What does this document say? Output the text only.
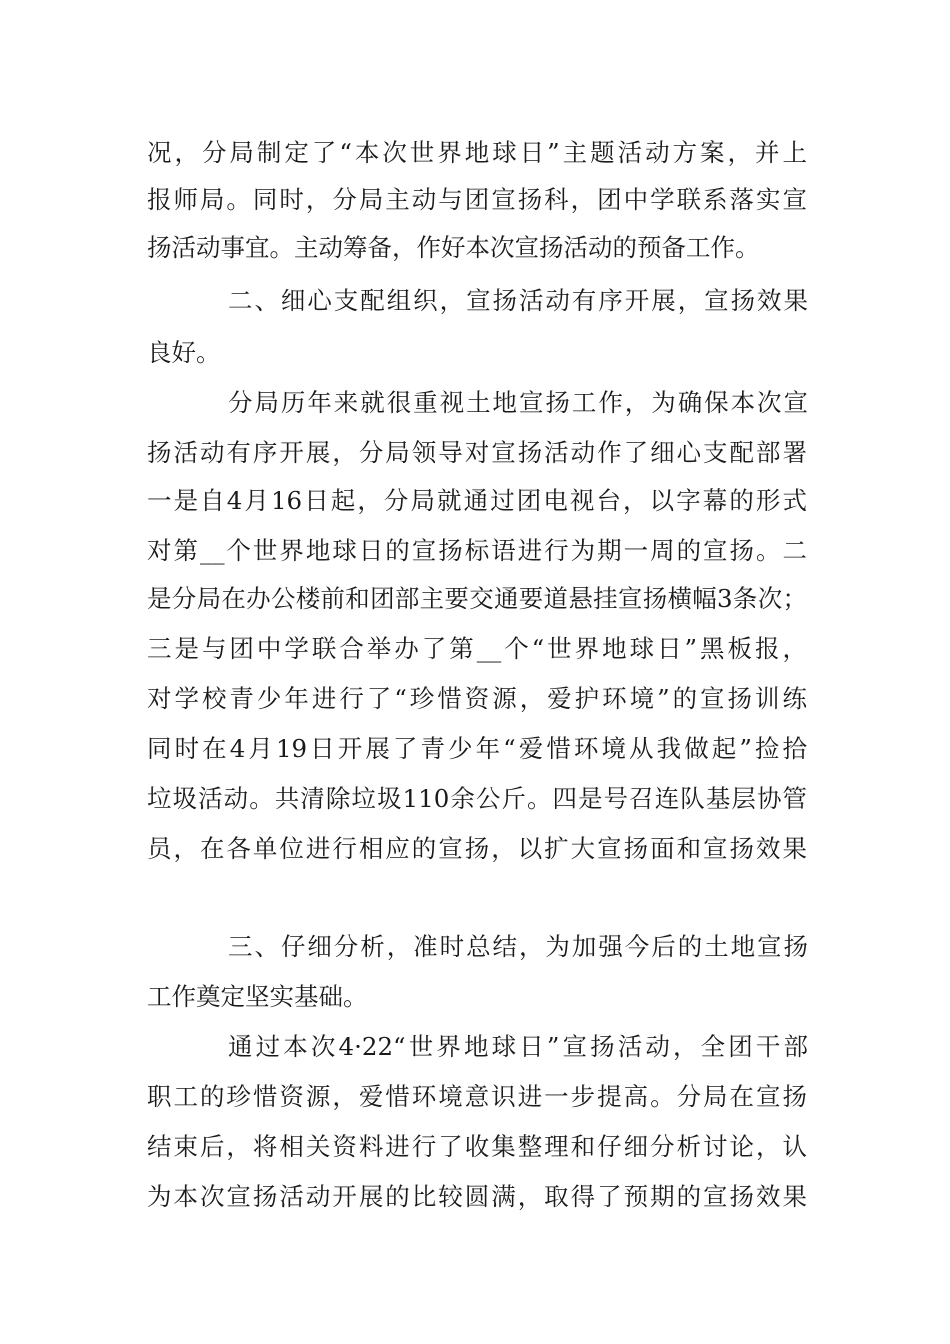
况，分局制定了“本次世界地球日”主题活动方案，并上
报师局。同时，分局主动与团宣扬科，团中学联系落实宣
扬活动事宜。主动筹备，作好本次宣扬活动的预备工作。
二、细心支配组织，宣扬活动有序开展，宣扬效果
良好。
分局历年来就很重视土地宣扬工作，为确保本次宣
扬活动有序开展，分局领导对宣扬活动作了细心支配部署
一是自4月16日起，分局就通过团电视台，以字幕的形式
对第__个世界地球日的宣扬标语进行为期一周的宣扬。二
是分局在办公楼前和团部主要交通要道悬挂宣扬横幅3条次；
三是与团中学联合举办了第__个“世界地球日”黑板报，
对学校青少年进行了“珍惜资源，爱护环境”的宣扬训练
同时在4月19日开展了青少年“爱惜环境从我做起”捡拾
垃圾活动。共清除垃圾110余公斤。四是号召连队基层协管
员，在各单位进行相应的宣扬，以扩大宣扬面和宣扬效果
三、仔细分析，准时总结，为加强今后的土地宣扬
工作奠定坚实基础。
通过本次4·22“世界地球日”宣扬活动，全团干部
职工的珍惜资源，爱惜环境意识进一步提高。分局在宣扬
结束后，将相关资料进行了收集整理和仔细分析讨论，认
为本次宣扬活动开展的比较圆满，取得了预期的宣扬效果
